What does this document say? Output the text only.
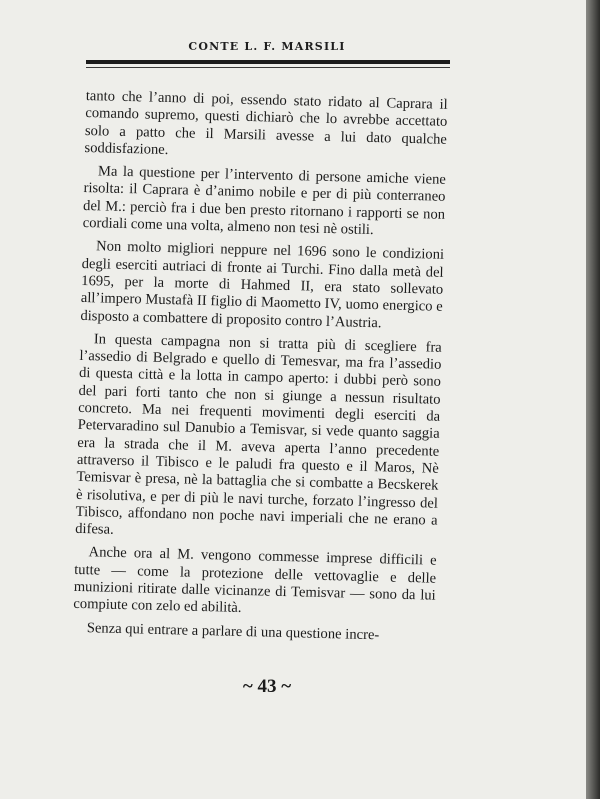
CONTE L. F. MARSILI

tanto che l’anno di poi, essendo stato ridato al Caprara il comando supremo, questi dichiarò che lo avrebbe accettato solo a patto che il Marsili avesse a lui dato qualche soddisfazione.

Ma la questione per l’intervento di persone amiche viene risolta: il Caprara è d’animo nobile e per di più conterraneo del M.: perciò fra i due ben presto ritornano i rapporti se non cordiali come una volta, almeno non tesi nè ostili.

Non molto migliori neppure nel 1696 sono le condizioni degli eserciti autriaci di fronte ai Turchi. Fino dalla metà del 1695, per la morte di Hahmed II, era stato sollevato all’impero Mustafà II figlio di Maometto IV, uomo energico e disposto a combattere di proposito contro l’Austria.

In questa campagna non si tratta più di scegliere fra l’assedio di Belgrado e quello di Temesvar, ma fra l’assedio di questa città e la lotta in campo aperto: i dubbi però sono del pari forti tanto che non si giunge a nessun risultato concreto. Ma nei frequenti movimenti degli eserciti da Petervaradino sul Danubio a Temisvar, si vede quanto saggia era la strada che il M. aveva aperta l’anno precedente attraverso il Tibisco e le paludi fra questo e il Maros, Nè Temisvar è presa, nè la battaglia che si combatte a Becskerek è risolutiva, e per di più le navi turche, forzato l’ingresso del Tibisco, affondano non poche navi imperiali che ne erano a difesa.

Anche ora al M. vengono commesse imprese difficili e tutte — come la protezione delle vettovaglie e delle munizioni ritirate dalle vicinanze di Temisvar — sono da lui compiute con zelo ed abilità.

Senza qui entrare a parlare di una questione incre-

~ 43 ~
